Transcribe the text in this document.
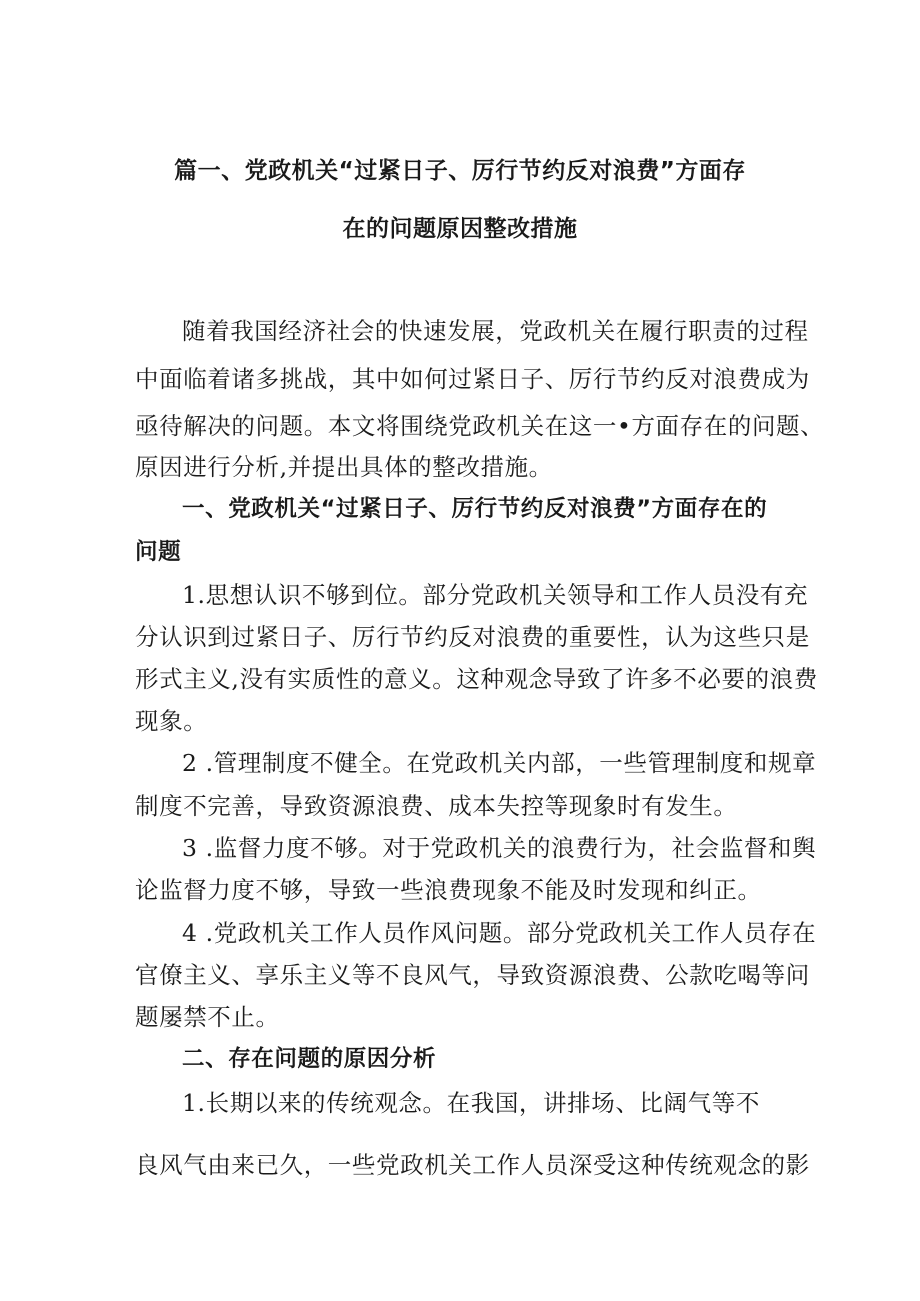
篇一、党政机关“过紧日子、厉行节约反对浪费”方面存
在的问题原因整改措施
随着我国经济社会的快速发展，党政机关在履行职责的过程
中面临着诸多挑战，其中如何过紧日子、厉行节约反对浪费成为
亟待解决的问题。本文将围绕党政机关在这一•方面存在的问题、
原因进行分析,并提出具体的整改措施。
一、党政机关“过紧日子、厉行节约反对浪费”方面存在的
问题
1.思想认识不够到位。部分党政机关领导和工作人员没有充
分认识到过紧日子、厉行节约反对浪费的重要性，认为这些只是
形式主义,没有实质性的意义。这种观念导致了许多不必要的浪费
现象。
2 .管理制度不健全。在党政机关内部，一些管理制度和规章
制度不完善，导致资源浪费、成本失控等现象时有发生。
3 .监督力度不够。对于党政机关的浪费行为，社会监督和舆
论监督力度不够，导致一些浪费现象不能及时发现和纠正。
4 .党政机关工作人员作风问题。部分党政机关工作人员存在
官僚主义、享乐主义等不良风气，导致资源浪费、公款吃喝等问
题屡禁不止。
二、存在问题的原因分析
1.长期以来的传统观念。在我国，讲排场、比阔气等不
良风气由来已久，一些党政机关工作人员深受这种传统观念的影
